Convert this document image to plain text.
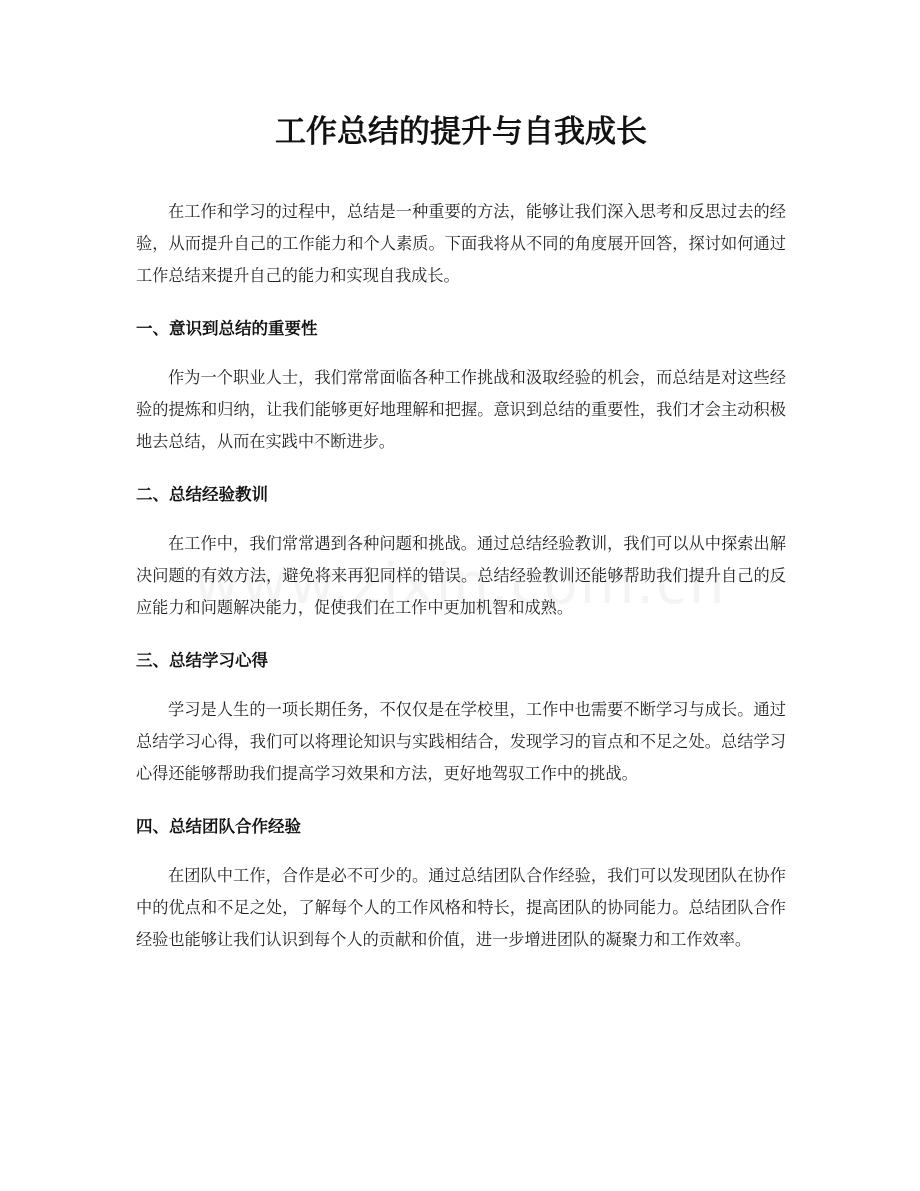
工作总结的提升与自我成长

在工作和学习的过程中，总结是一种重要的方法，能够让我们深入思考和反思过去的经验，从而提升自己的工作能力和个人素质。下面我将从不同的角度展开回答，探讨如何通过工作总结来提升自己的能力和实现自我成长。

一、意识到总结的重要性

作为一个职业人士，我们常常面临各种工作挑战和汲取经验的机会，而总结是对这些经验的提炼和归纳，让我们能够更好地理解和把握。意识到总结的重要性，我们才会主动积极地去总结，从而在实践中不断进步。

二、总结经验教训

在工作中，我们常常遇到各种问题和挑战。通过总结经验教训，我们可以从中探索出解决问题的有效方法，避免将来再犯同样的错误。总结经验教训还能够帮助我们提升自己的反应能力和问题解决能力，促使我们在工作中更加机智和成熟。

三、总结学习心得

学习是人生的一项长期任务，不仅仅是在学校里，工作中也需要不断学习与成长。通过总结学习心得，我们可以将理论知识与实践相结合，发现学习的盲点和不足之处。总结学习心得还能够帮助我们提高学习效果和方法，更好地驾驭工作中的挑战。

四、总结团队合作经验

在团队中工作，合作是必不可少的。通过总结团队合作经验，我们可以发现团队在协作中的优点和不足之处，了解每个人的工作风格和特长，提高团队的协同能力。总结团队合作经验也能够让我们认识到每个人的贡献和价值，进一步增进团队的凝聚力和工作效率。
